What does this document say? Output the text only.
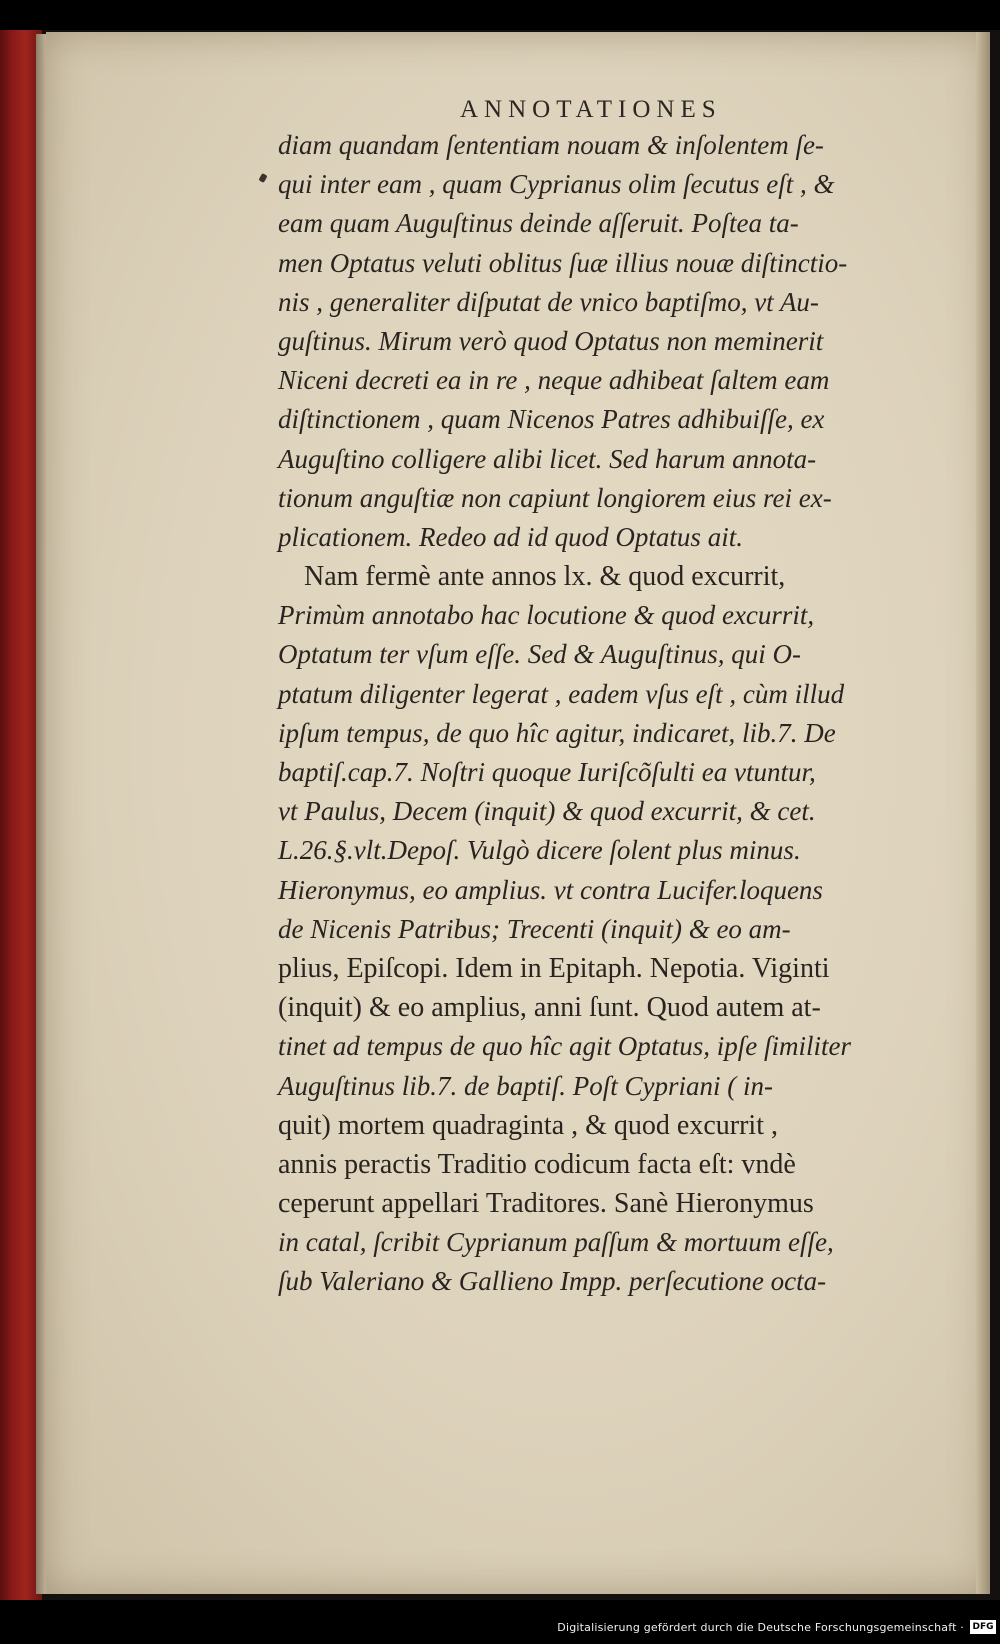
ANNOTATIONES
diam quandam ſententiam nouam & inſolentem ſe-
qui inter eam , quam Cyprianus olim ſecutus eſt , &
eam quam Auguſtinus deinde aſſeruit. Poſtea ta-
men Optatus veluti oblitus ſuæ illius nouæ diſtinctio-
nis , generaliter diſputat de vnico baptiſmo, vt Au-
guſtinus. Mirum verò quod Optatus non meminerit
Niceni decreti ea in re , neque adhibeat ſaltem eam
diſtinctionem , quam Nicenos Patres adhibuiſſe, ex
Auguſtino colligere alibi licet. Sed harum annota-
tionum anguſtiæ non capiunt longiorem eius rei ex-
plicationem. Redeo ad id quod Optatus ait.
Nam fermè ante annos lx. & quod excurrit,
Primùm annotabo hac locutione & quod excurrit,
Optatum ter vſum eſſe. Sed & Auguſtinus, qui O-
ptatum diligenter legerat , eadem vſus eſt , cùm illud
ipſum tempus, de quo hîc agitur, indicaret, lib.7. De
baptiſ.cap.7. Noſtri quoque Iuriſcõſulti ea vtuntur,
vt Paulus, Decem (inquit) & quod excurrit, & cet.
L.26.§.vlt.Depoſ. Vulgò dicere ſolent plus minus.
Hieronymus, eo amplius. vt contra Lucifer.loquens
de Nicenis Patribus; Trecenti (inquit) & eo am-
plius, Epiſcopi. Idem in Epitaph. Nepotia. Viginti
(inquit) & eo amplius, anni ſunt. Quod autem at-
tinet ad tempus de quo hîc agit Optatus, ipſe ſimiliter
Auguſtinus lib.7. de baptiſ. Poſt Cypriani ( in-
quit) mortem quadraginta , & quod excurrit ,
annis peractis Traditio codicum facta eſt: vndè
ceperunt appellari Traditores. Sanè Hieronymus
in catal, ſcribit Cyprianum paſſum & mortuum eſſe,
ſub Valeriano & Gallieno Impp. perſecutione octa-
Digitalisierung gefördert durch die Deutsche Forschungsgemeinschaft · DFG
